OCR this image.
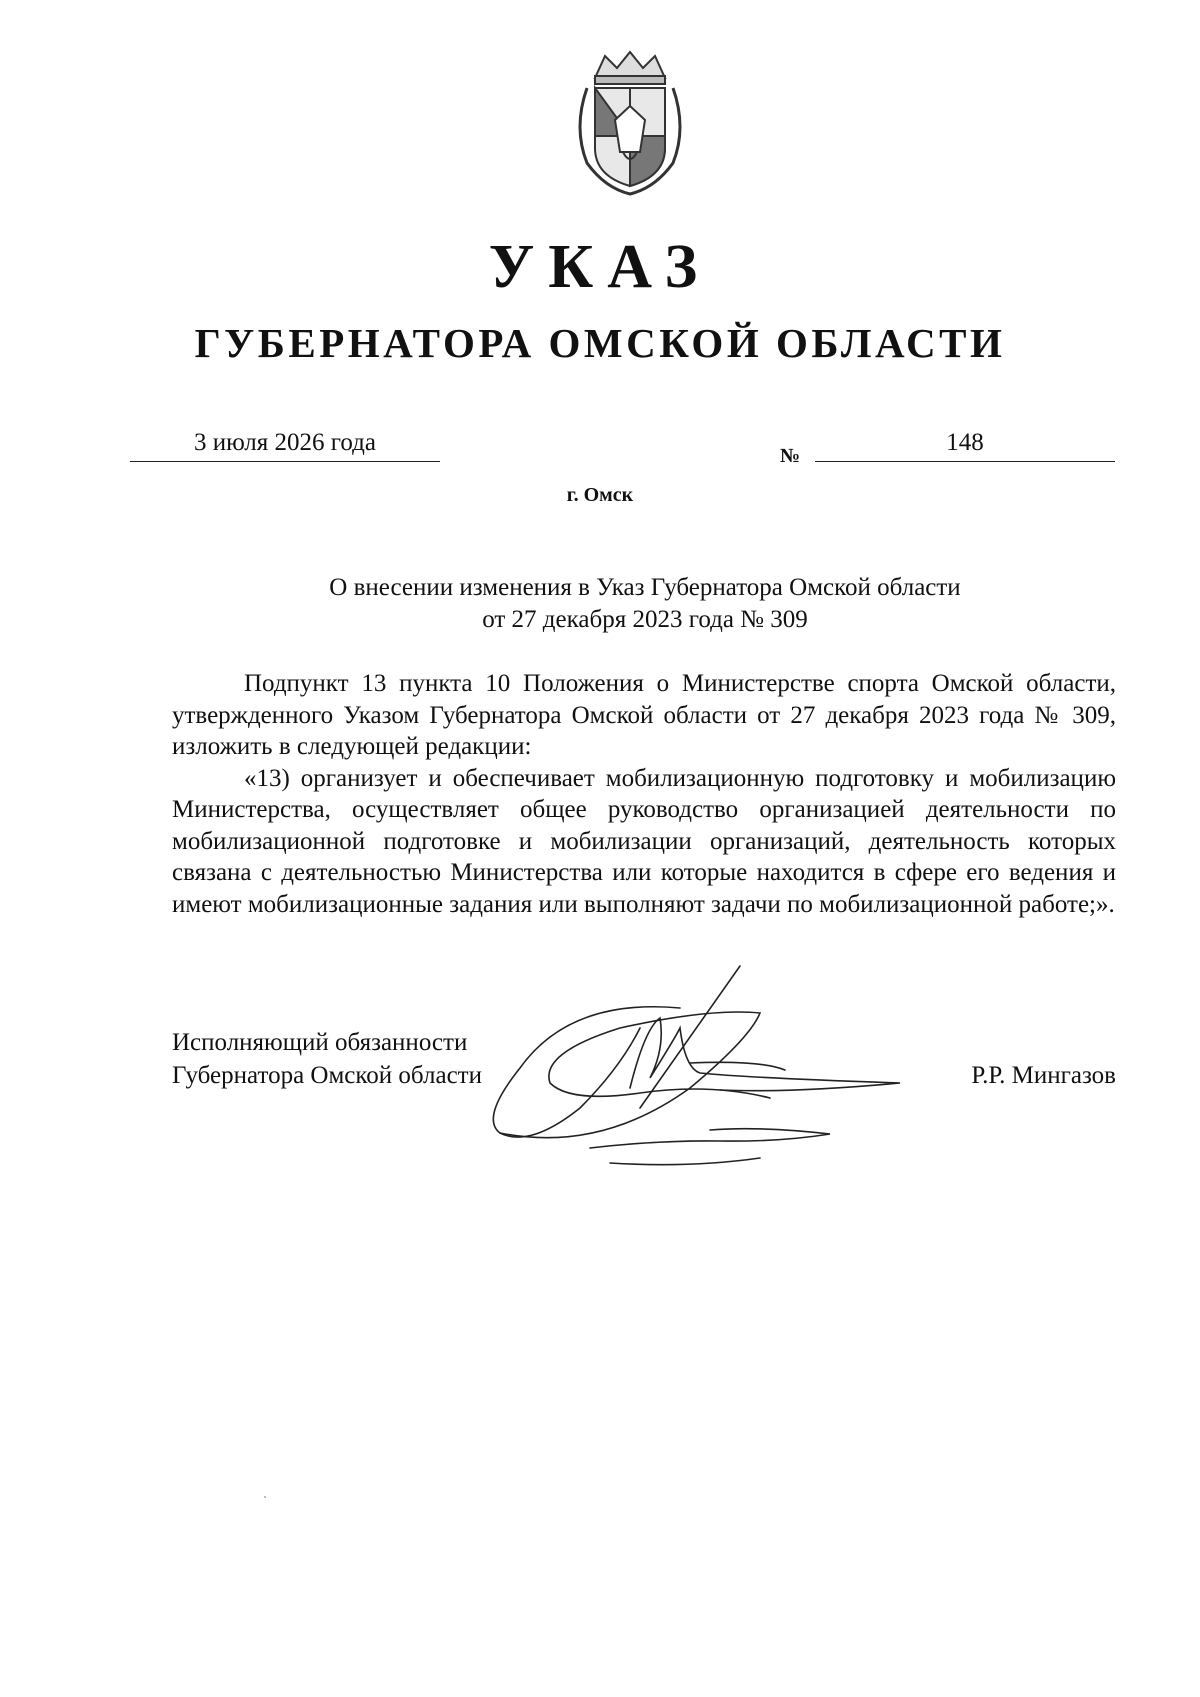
УКАЗ
ГУБЕРНАТОРА ОМСКОЙ ОБЛАСТИ
3 июля 2026 года	№	148
г. Омск
О внесении изменения в Указ Губернатора Омской области
от 27 декабря 2023 года № 309

Подпункт 13 пункта 10 Положения о Министерстве спорта Омской области, утвержденного Указом Губернатора Омской области от 27 декабря 2023 года № 309, изложить в следующей редакции:

«13) организует и обеспечивает мобилизационную подготовку и мобилизацию Министерства, осуществляет общее руководство организацией деятельности по мобилизационной подготовке и мобилизации организаций, деятельность которых связана с деятельностью Министерства или которые находится в сфере его ведения и имеют мобилизационные задания или выполняют задачи по мобилизационной работе;».

Исполняющий обязанности
Губернатора Омской области	Р.Р. Мингазов
